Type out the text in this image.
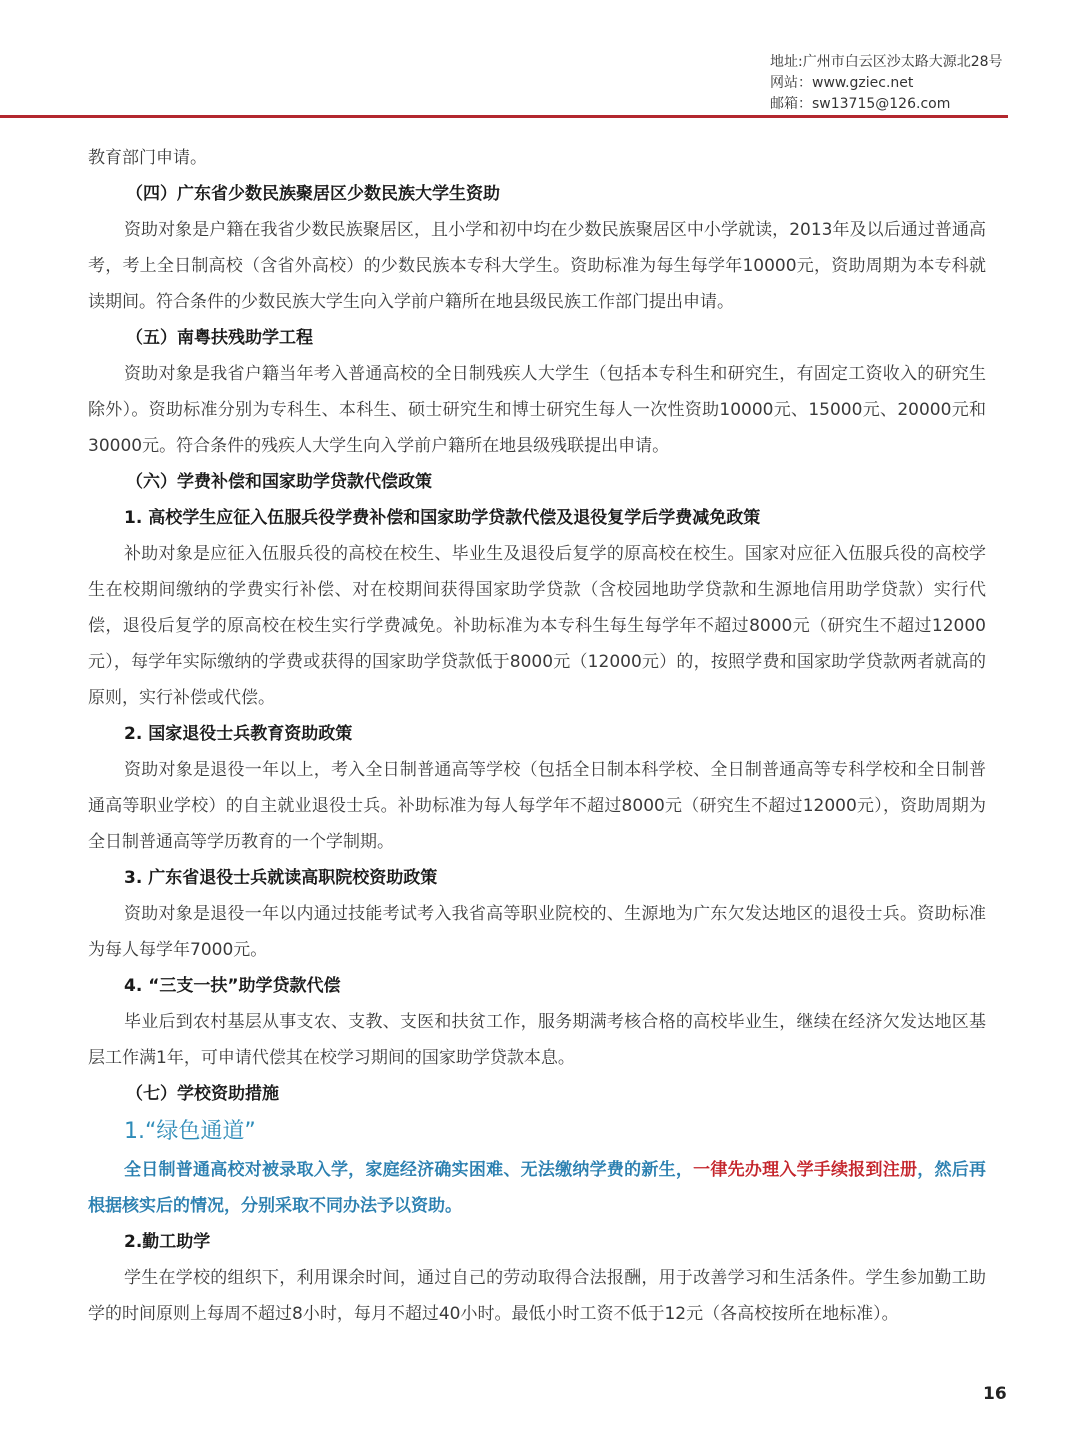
地址:广州市白云区沙太路大源北28号
网站：www.gziec.net
邮箱：sw13715@126.com

教育部门申请。

（四）广东省少数民族聚居区少数民族大学生资助

资助对象是户籍在我省少数民族聚居区，且小学和初中均在少数民族聚居区中小学就读，2013年及以后通过普通高考，考上全日制高校（含省外高校）的少数民族本专科大学生。资助标准为每生每学年10000元，资助周期为本专科就读期间。符合条件的少数民族大学生向入学前户籍所在地县级民族工作部门提出申请。

（五）南粤扶残助学工程

资助对象是我省户籍当年考入普通高校的全日制残疾人大学生（包括本专科生和研究生，有固定工资收入的研究生除外）。资助标准分别为专科生、本科生、硕士研究生和博士研究生每人一次性资助10000元、15000元、20000元和30000元。符合条件的残疾人大学生向入学前户籍所在地县级残联提出申请。

（六）学费补偿和国家助学贷款代偿政策

1. 高校学生应征入伍服兵役学费补偿和国家助学贷款代偿及退役复学后学费减免政策

补助对象是应征入伍服兵役的高校在校生、毕业生及退役后复学的原高校在校生。国家对应征入伍服兵役的高校学生在校期间缴纳的学费实行补偿、对在校期间获得国家助学贷款（含校园地助学贷款和生源地信用助学贷款）实行代偿，退役后复学的原高校在校生实行学费减免。补助标准为本专科生每生每学年不超过8000元（研究生不超过12000元），每学年实际缴纳的学费或获得的国家助学贷款低于8000元（12000元）的，按照学费和国家助学贷款两者就高的原则，实行补偿或代偿。

2. 国家退役士兵教育资助政策

资助对象是退役一年以上，考入全日制普通高等学校（包括全日制本科学校、全日制普通高等专科学校和全日制普通高等职业学校）的自主就业退役士兵。补助标准为每人每学年不超过8000元（研究生不超过12000元），资助周期为全日制普通高等学历教育的一个学制期。

3. 广东省退役士兵就读高职院校资助政策

资助对象是退役一年以内通过技能考试考入我省高等职业院校的、生源地为广东欠发达地区的退役士兵。资助标准为每人每学年7000元。

4. “三支一扶”助学贷款代偿

毕业后到农村基层从事支农、支教、支医和扶贫工作，服务期满考核合格的高校毕业生，继续在经济欠发达地区基层工作满1年，可申请代偿其在校学习期间的国家助学贷款本息。

（七）学校资助措施

1.“绿色通道”

全日制普通高校对被录取入学，家庭经济确实困难、无法缴纳学费的新生，一律先办理入学手续报到注册，然后再根据核实后的情况，分别采取不同办法予以资助。

2.勤工助学

学生在学校的组织下，利用课余时间，通过自己的劳动取得合法报酬，用于改善学习和生活条件。学生参加勤工助学的时间原则上每周不超过8小时，每月不超过40小时。最低小时工资不低于12元（各高校按所在地标准）。

16
